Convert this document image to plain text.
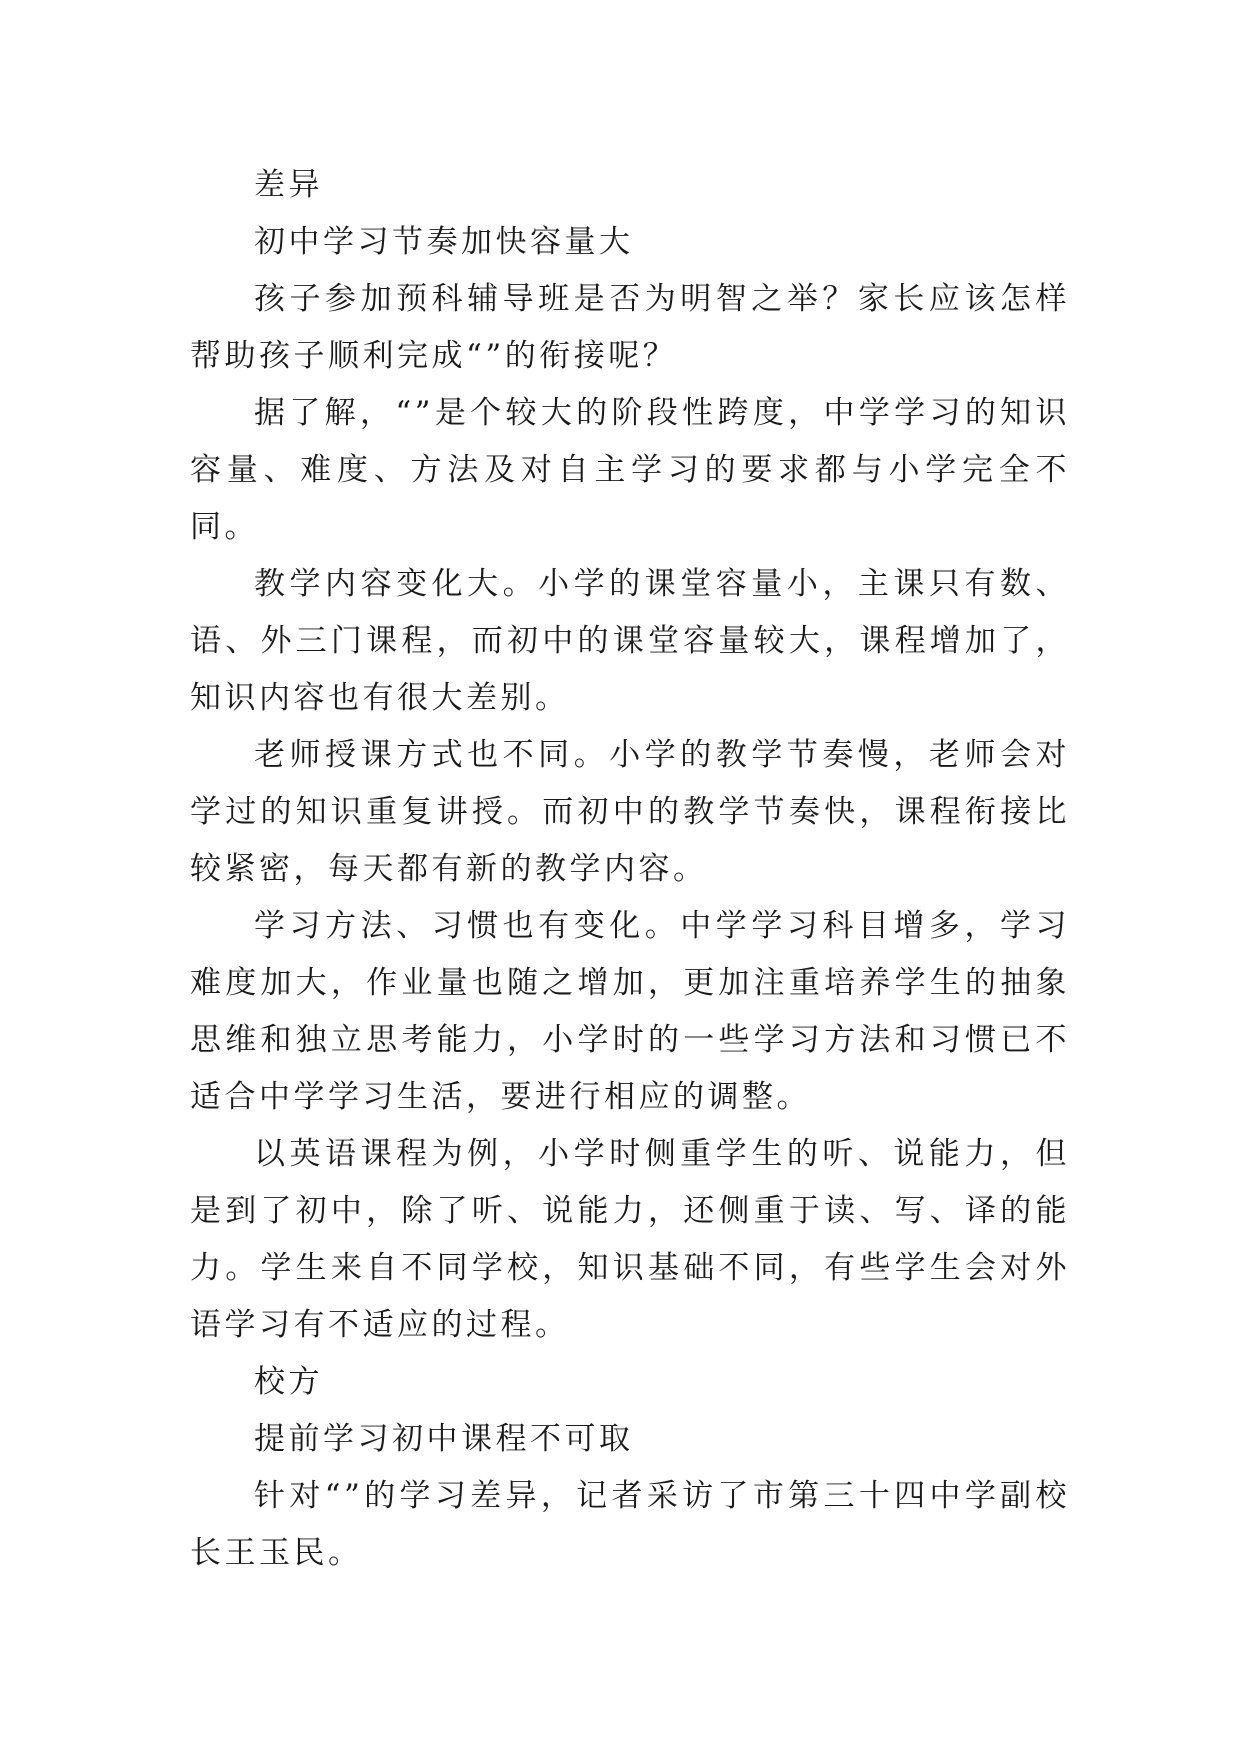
差异

初中学习节奏加快容量大

孩子参加预科辅导班是否为明智之举？家长应该怎样帮助孩子顺利完成“”的衔接呢？

据了解，“”是个较大的阶段性跨度，中学学习的知识容量、难度、方法及对自主学习的要求都与小学完全不同。

教学内容变化大。小学的课堂容量小，主课只有数、语、外三门课程，而初中的课堂容量较大，课程增加了，知识内容也有很大差别。

老师授课方式也不同。小学的教学节奏慢，老师会对学过的知识重复讲授。而初中的教学节奏快，课程衔接比较紧密，每天都有新的教学内容。

学习方法、习惯也有变化。中学学习科目增多，学习难度加大，作业量也随之增加，更加注重培养学生的抽象思维和独立思考能力，小学时的一些学习方法和习惯已不适合中学学习生活，要进行相应的调整。

以英语课程为例，小学时侧重学生的听、说能力，但是到了初中，除了听、说能力，还侧重于读、写、译的能力。学生来自不同学校，知识基础不同，有些学生会对外语学习有不适应的过程。

校方

提前学习初中课程不可取

针对“”的学习差异，记者采访了市第三十四中学副校长王玉民。
